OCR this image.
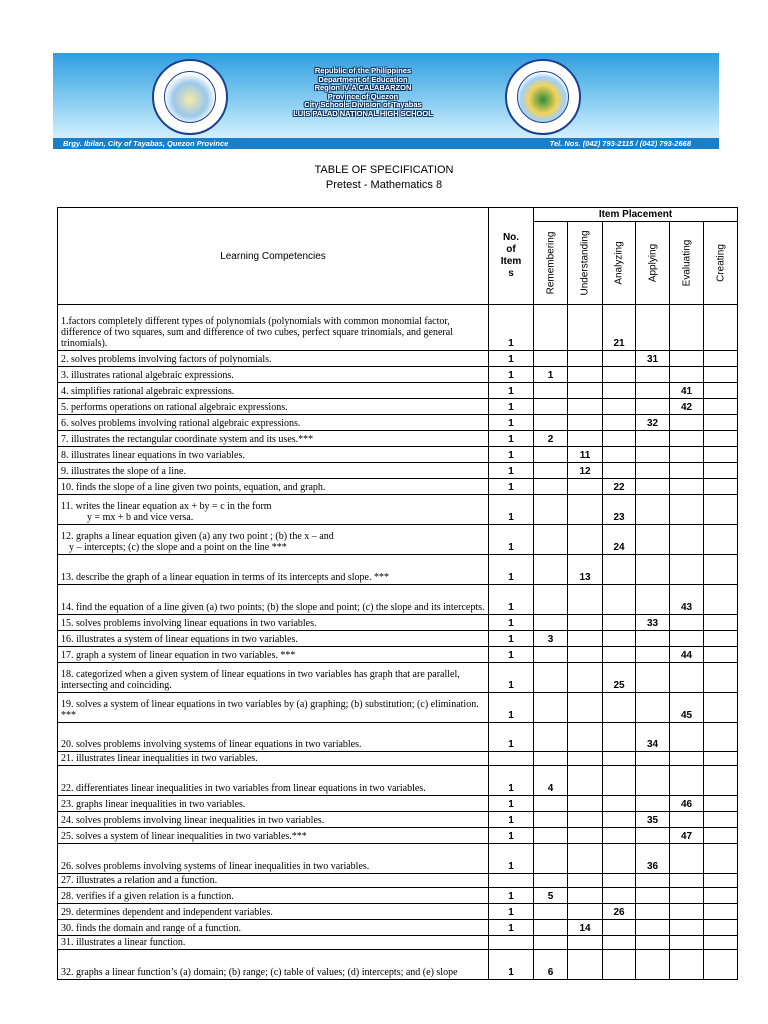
Republic of the Philippines
Department of Education
Region IV-A CALABARZON
Province of Quezon
City Schools Division of Tayabas
LUIS PALAD NATIONAL HIGH SCHOOL
Brgy. Ibilan, City of Tayabas, Quezon Province	Tel. Nos. (042) 793-2115 / (042) 793-2668
TABLE OF SPECIFICATION
Pretest - Mathematics 8
Learning Competencies	No.
of
Item
s	Item Placement					

		Remembering	Understanding	Analyzing	Applying	Evaluating	Creating

1.factors completely different types of polynomials (polynomials with common monomial factor, difference of two squares, sum and difference of two cubes, perfect square trinomials, and general trinomials).	1			21			
2. solves problems involving factors of polynomials.	1				31		
3. illustrates rational algebraic expressions.	1	1					
4. simplifies rational algebraic expressions.	1					41	
5. performs operations on rational algebraic expressions.	1					42	
6. solves problems involving rational algebraic expressions.	1				32		
7. illustrates the rectangular coordinate system and its uses.***	1	2					
8. illustrates linear equations in two variables.	1		11				
9. illustrates the slope of a line.	1		12				
10. finds the slope of a line given two points, equation, and graph.	1			22			
11. writes the linear equation ax + by = c in the form
y = mx + b and vice versa.	1			23			
12. graphs a linear equation given (a) any two point ; (b) the x – and
y – intercepts; (c) the slope and a point on the line ***	1			24			
13. describe the graph of a linear equation in terms of its intercepts and slope. ***	1		13				
14. find the equation of a line given (a) two points; (b) the slope and point; (c) the slope and its intercepts.	1					43	
15. solves problems involving linear equations in two variables.	1				33		
16. illustrates a system of linear equations in two variables.	1	3					
17. graph a system of linear equation in two variables. ***	1					44	
18. categorized when a given system of linear equations in two variables has graph that are parallel, intersecting and coinciding.	1			25			
19. solves a system of linear equations in two variables by (a) graphing; (b) substitution; (c) elimination. ***	1					45	
20. solves problems involving systems of linear equations in two variables.	1				34		
21. illustrates linear inequalities in two variables.							
22. differentiates linear inequalities in two variables from linear equations in two variables.	1	4					
23. graphs linear inequalities in two variables.	1					46	
24. solves problems involving linear inequalities in two variables.	1				35		
25. solves a system of linear inequalities in two variables.***	1					47	
26. solves problems involving systems of linear inequalities in two variables.	1				36		
27. illustrates a relation and a function.							
28. verifies if a given relation is a function.	1	5					
29. determines dependent and independent variables.	1			26			
30. finds the domain and range of a function.	1		14				
31. illustrates a linear function.							
32. graphs a linear function’s (a) domain; (b) range; (c) table of values; (d) intercepts; and (e) slope	1	6					
